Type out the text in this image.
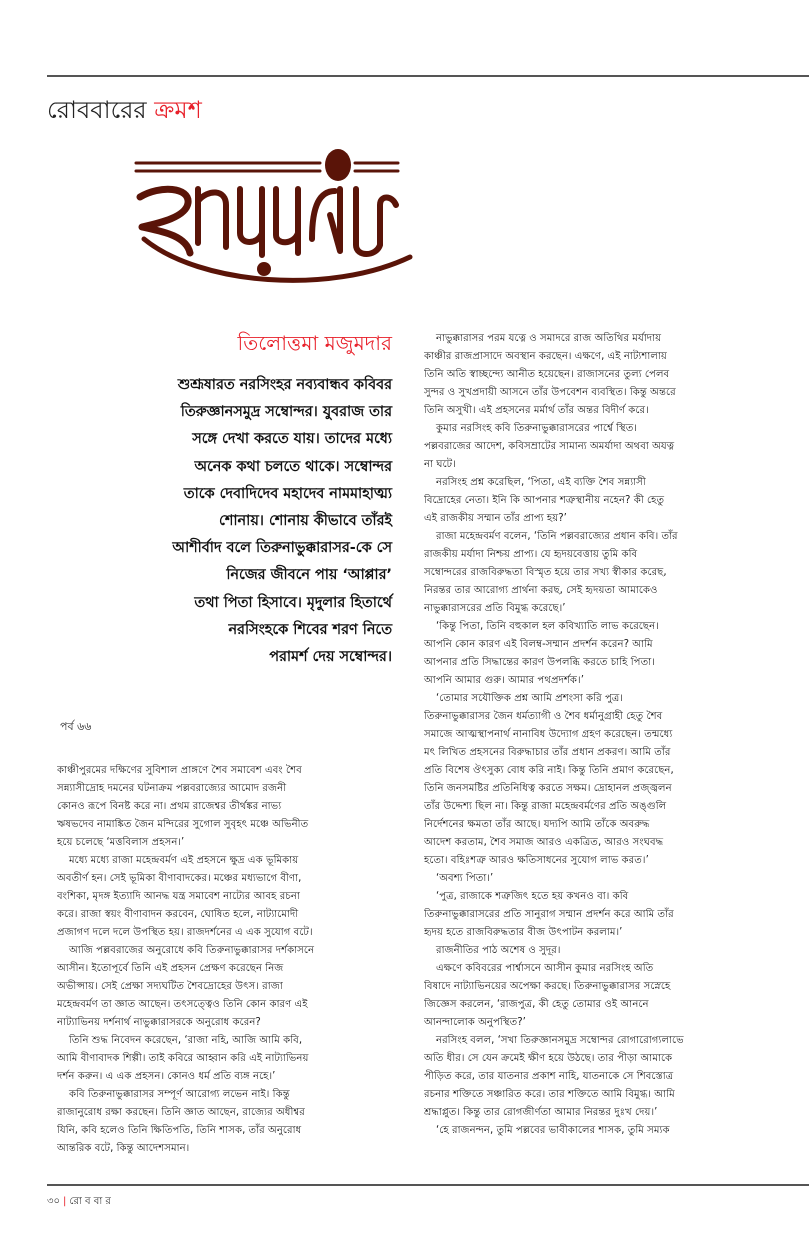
রোববারের ক্রমশ
তিলোত্তমা মজুমদার
শুশ্রূষারত নরসিংহর নব্যবান্ধব কবিবর
তিরুজ্ঞানসমুদ্র সম্বোন্দর। যুবরাজ তার
সঙ্গে দেখা করতে যায়। তাদের মধ্যে
অনেক কথা চলতে থাকে। সম্বোন্দর
তাকে দেবাদিদেব মহাদেব নামমাহাত্ম্য
শোনায়। শোনায় কীভাবে তাঁরই
আশীর্বাদ বলে তিরুনাভুক্কারাসর-কে সে
নিজের জীবনে পায় ‘আপ্পার’
তথা পিতা হিসাবে। মৃদুলার হিতার্থে
নরসিংহকে শিবের শরণ নিতে
পরামর্শ দেয় সম্বোন্দর।
পর্ব ৬৬
কাঞ্চীপুরমের দক্ষিণের সুবিশাল প্রাঙ্গণে শৈব সমাবেশ এবং শৈব
সন্ন্যাসীদ্রোহ দমনের ঘটনাক্রম পল্লবরাজ্যের আমোদ রজনী
কোনও রূপে বিনষ্ট করে না। প্রথম রাজেশ্বর তীর্থঙ্কর নাভ্য
ঋষভদেব নামাঙ্কিত জৈন মন্দিরের সুগোল সুবৃহৎ মঞ্চে অভিনীত
হয়ে চলেছে ‘মত্তবিলাস প্রহসন।’
মধ্যে মধ্যে রাজা মহেন্দ্রবর্মণ এই প্রহসনে ক্ষুদ্র এক ভূমিকায়
অবতীর্ণ হন। সেই ভূমিকা বীণাবাদকের। মঞ্চের মধ্যভাগে বীণা,
বংশিকা, মৃদঙ্গ ইত্যাদি আনদ্ধ যন্ত্র সমাবেশ নাট্যের আবহ রচনা
করে। রাজা স্বয়ং বীণাবাদন করবেন, ঘোষিত হলে, নাট্যামোদী
প্রজাগণ দলে দলে উপস্থিত হয়। রাজদর্শনের এ এক সুযোগ বটে।
আজি পল্লবরাজের অনুরোধে কবি তিরুনাভুক্কারাসর দর্শকাসনে
আসীন। ইতোপূর্বে তিনি এই প্রহসন প্রেক্ষণ করেছেন নিজ
অভীপ্সায়। সেই প্রেক্ষা সদ্যঘটিত শৈবদ্রোহের উৎস। রাজা
মহেন্দ্রবর্মণ তা জ্ঞাত আছেন। তৎসত্ত্বেও তিনি কোন কারণ এই
নাট্যাভিনয় দর্শনার্থ নাভুক্কারাসরকে অনুরোধ করেন?
তিনি শুদ্ধ নিবেদন করেছেন, ‘রাজা নহি, আজি আমি কবি,
আমি বীণাবাদক শিল্পী। তাই কবিরে আহ্বান করি এই নাট্যাভিনয়
দর্শন করুন। এ এক প্রহসন। কোনও ধর্ম প্রতি ব্যঙ্গ নহে।’
কবি তিরুনাভুক্কারাসর সম্পূর্ণ আরোগ্য লভেন নাই। কিন্তু
রাজানুরোধ রক্ষা করছেন। তিনি জ্ঞাত আছেন, রাজ্যের অধীশ্বর
যিনি, কবি হলেও তিনি ক্ষিতিপতি, তিনি শাসক, তাঁর অনুরোধ
আন্তরিক বটে, কিন্তু আদেশসমান।
নাভুক্কারাসর পরম যত্নে ও সমাদরে রাজ অতিথির মর্যাদায়
কাঞ্চীর রাজপ্রাসাদে অবস্থান করছেন। এক্ষণে, এই নাট্যশালায়
তিনি অতি স্বাচ্ছন্দ্যে আনীত হয়েছেন। রাজাসনের তুল্য পেলব
সুন্দর ও সুখপ্রদায়ী আসনে তাঁর উপবেশন ব্যবস্থিত। কিন্তু অন্তরে
তিনি অসুখী। এই প্রহসনের মর্মার্থ তাঁর অন্তর বিদীর্ণ করে।
কুমার নরসিংহ কবি তিরুনাভুক্কারাসরের পার্শ্বে স্থিত।
পল্লবরাজের আদেশ, কবিসম্রাটের সামান্য অমর্যাদা অথবা অযত্ন
না ঘটে।
নরসিংহ প্রশ্ন করেছিল, ‘পিতা, এই ব্যক্তি শৈব সন্ন্যাসী
বিদ্রোহের নেতা। ইনি কি আপনার শত্রুস্থানীয় নহেন? কী হেতু
এই রাজকীয় সম্মান তাঁর প্রাপ্য হয়?’
রাজা মহেন্দ্রবর্মণ বলেন, ‘তিনি পল্লবরাজ্যের প্রধান কবি। তাঁর
রাজকীয় মর্যাদা নিশ্চয় প্রাপ্য। যে হৃদয়বেত্তায় তুমি কবি
সম্বোন্দরের রাজবিরুদ্ধতা বিস্মৃত হয়ে তার সখ্য স্বীকার করেছ,
নিরন্তর তার আরোগ্য প্রার্থনা করছ, সেই হৃদয়তা আমাকেও
নাভুক্কারাসরের প্রতি বিমুগ্ধ করেছে।’
‘কিন্তু পিতা, তিনি বহুকাল হল কবিখ্যাতি লাভ করেছেন।
আপনি কোন কারণ এই বিলম্ব-সম্মান প্রদর্শন করেন? আমি
আপনার প্রতি সিদ্ধান্তের কারণ উপলব্ধি করতে চাহি পিতা।
আপনি আমার গুরু। আমার পথপ্রদর্শক।’
‘তোমার সযৌক্তিক প্রশ্ন আমি প্রশংসা করি পুত্র।
তিরুনাভুক্কারাসর জৈন ধর্মত্যাগী ও শৈব ধর্মানুগ্রাহী হেতু শৈব
সমাজে আত্মস্থাপনার্থ নানাবিধ উদ্যোগ গ্রহণ করেছেন। তন্মধ্যে
মৎ লিখিত প্রহসনের বিরুদ্ধাচার তাঁর প্রধান প্রকরণ। আমি তাঁর
প্রতি বিশেষ ঔৎসুক্য বোধ করি নাই। কিন্তু তিনি প্রমাণ করেছেন,
তিনি জনসমষ্টির প্রতিনিধিত্ব করতে সক্ষম। দ্রোহানল প্রজ্জ্বলন
তাঁর উদ্দেশ্য ছিল না। কিন্তু রাজা মহেন্দ্রবর্মণের প্রতি অঙ্গুলি
নির্দেশনের ক্ষমতা তাঁর আছে। যদ্যপি আমি তাঁকে অবরুদ্ধ
আদেশ করতাম, শৈব সমাজ আরও একত্রিত, আরও সংঘবদ্ধ
হতো। বহিঃশত্রু আরও ক্ষতিসাধনের সুযোগ লাভ করত।’
‘অবশ্য পিতা।’
‘পুত্র, রাজাকে শত্রুজিৎ হতে হয় কখনও বা। কবি
তিরুনাভুক্কারাসরের প্রতি সানুরাগ সম্মান প্রদর্শন করে আমি তাঁর
হৃদয় হতে রাজবিরুদ্ধতার বীজ উৎপাটন করলাম।’
রাজনীতির পাঠ অশেষ ও সুদূর।
এক্ষণে কবিবরের পার্শ্বাসনে আসীন কুমার নরসিংহ অতি
বিষাদে নাট্যাভিনয়ের অপেক্ষা করছে। তিরুনাভুক্কারাসর সস্নেহে
জিজ্ঞেস করলেন, ‘রাজপুত্র, কী হেতু তোমার ওই আননে
আনন্দালোক অনুপস্থিত?’
নরসিংহ বলল, ‘সখা তিরুজ্ঞানসমুদ্র সম্বোন্দর রোগারোগ্যলাভে
অতি ধীর। সে যেন ক্রমেই ক্ষীণ হয়ে উঠছে। তার পীড়া আমাকে
পীড়িত করে, তার যাতনার প্রকাশ নাহি, যাতনাকে সে শিবস্তোত্র
রচনার শক্তিতে সঞ্চারিত করে। তার শক্তিতে আমি বিমুগ্ধ। আমি
শ্রদ্ধাপ্লুত। কিন্তু তার রোগজীর্ণতা আমার নিরন্তর দুঃখ দেয়।’
‘হে রাজনন্দন, তুমি পল্লবের ভাবীকালের শাসক, তুমি সম্যক
৩০ | রো ব বা র
